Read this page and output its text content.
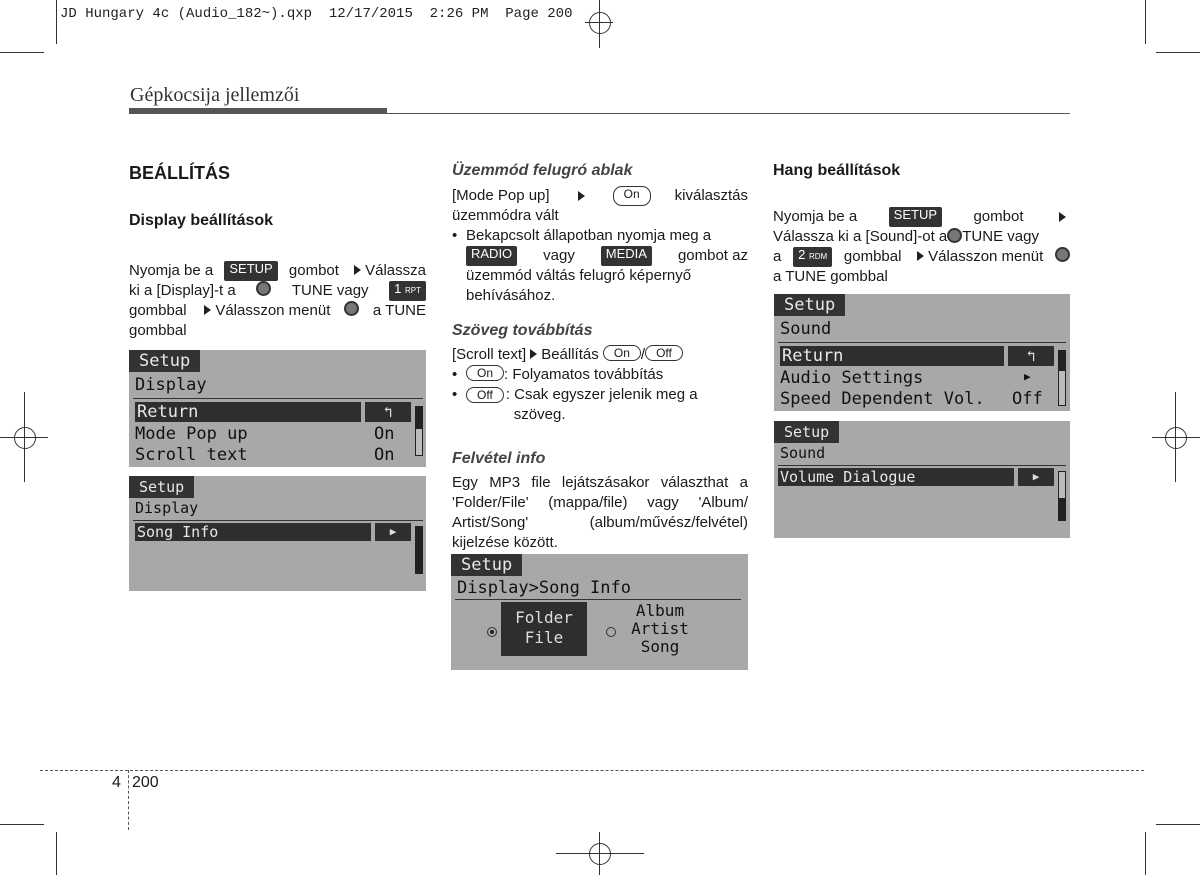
JD Hungary 4c (Audio_182~).qxp  12/17/2015  2:26 PM  Page 200
Gépkocsija jellemzői
BEÁLLÍTÁS
Display beállítások
Nyomja be a	SETUP	gombot	Válassza
ki a [Display]-t a	TUNE vagy	1 RPT
gombbal	Válasszon menüt	a TUNE
gombbal
Setup
Display
Return	↰
Mode Pop up	On
Scroll text	On
Setup
Display
Song Info	▶
Üzemmód felugró ablak
[Mode Pop up]	On	kiválasztás
üzemmódra vált
• Bekapcsolt állapotban nyomja meg a
RADIO	vagy	MEDIA	gombot az
üzemmód váltás felugró képernyő
behívásához.
Szöveg továbbítás
[Scroll text] Beállítás On / Off
• On : Folyamatos továbbítás
•	Off : Csak egyszer jelenik meg a
szöveg.
Felvétel info
Egy MP3 file lejátszásakor választhat a
'Folder/File' (mappa/file) vagy 'Album/
Artist/Song' (album/művész/felvétel)
kijelzése között.
Setup
Display>Song Info
Folder
File
Album
Artist
Song
Hang beállítások
Nyomja be a	SETUP	gombot
Válassza ki a [Sound]-ot a TUNE vagy
a	2 RDM	gombbal	Válasszon menüt
a TUNE gombbal
Setup
Sound
Return	↰
Audio Settings	▶
Speed Dependent Vol. Off
Setup
Sound
Volume Dialogue	▶
4 200
